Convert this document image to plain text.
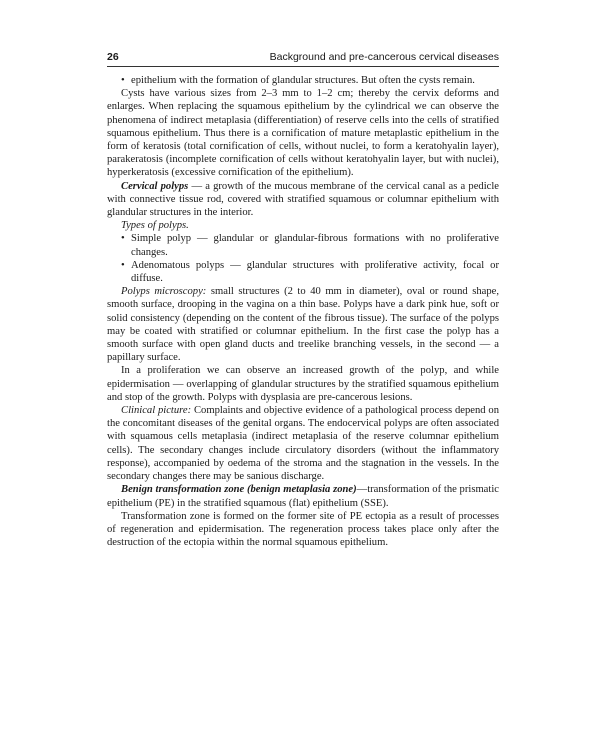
26	Background and pre-cancerous cervical diseases

• epithelium with the formation of glandular structures. But often the cysts remain.

Cysts have various sizes from 2–3 mm to 1–2 cm; thereby the cervix deforms and enlarges. When replacing the squamous epithelium by the cylindrical we can observe the phenomena of indirect metaplasia (differentiation) of reserve cells into the cells of stratified squamous epithelium. Thus there is a cornification of mature metaplastic epithelium in the form of keratosis (total cornification of cells, without nuclei, to form a keratohyalin layer), parakeratosis (incomplete cornification of cells without keratohyalin layer, but with nuclei), hyperkeratosis (excessive cornification of the epithelium).

Cervical polyps — a growth of the mucous membrane of the cervical canal as a pedicle with connective tissue rod, covered with stratified squamous or columnar epithelium with glandular structures in the interior.

Types of polyps.

• Simple polyp — glandular or glandular-fibrous formations with no proliferative changes.

• Adenomatous polyps — glandular structures with proliferative activity, focal or diffuse.

Polyps microscopy: small structures (2 to 40 mm in diameter), oval or round shape, smooth surface, drooping in the vagina on a thin base. Polyps have a dark pink hue, soft or solid consistency (depending on the content of the fibrous tissue). The surface of the polyps may be coated with stratified or columnar epithelium. In the first case the polyp has a smooth surface with open gland ducts and treelike branching vessels, in the second — a papillary surface.

In a proliferation we can observe an increased growth of the polyp, and while epidermisation — overlapping of glandular structures by the stratified squamous epithelium and stop of the growth. Polyps with dysplasia are pre-cancerous lesions.

Clinical picture: Complaints and objective evidence of a pathological process depend on the concomitant diseases of the genital organs. The endocervical polyps are often associated with squamous cells metaplasia (indirect metaplasia of the reserve columnar epithelium cells). The secondary changes include circulatory disorders (without the inflammatory response), accompanied by oedema of the stroma and the stagnation in the vessels. In the secondary changes there may be sanious discharge.

Benign transformation zone (benign metaplasia zone)—transformation of the prismatic epithelium (PE) in the stratified squamous (flat) epithelium (SSE).

Transformation zone is formed on the former site of PE ectopia as a result of processes of regeneration and epidermisation. The regeneration process takes place only after the destruction of the ectopia within the normal squamous epithelium.
